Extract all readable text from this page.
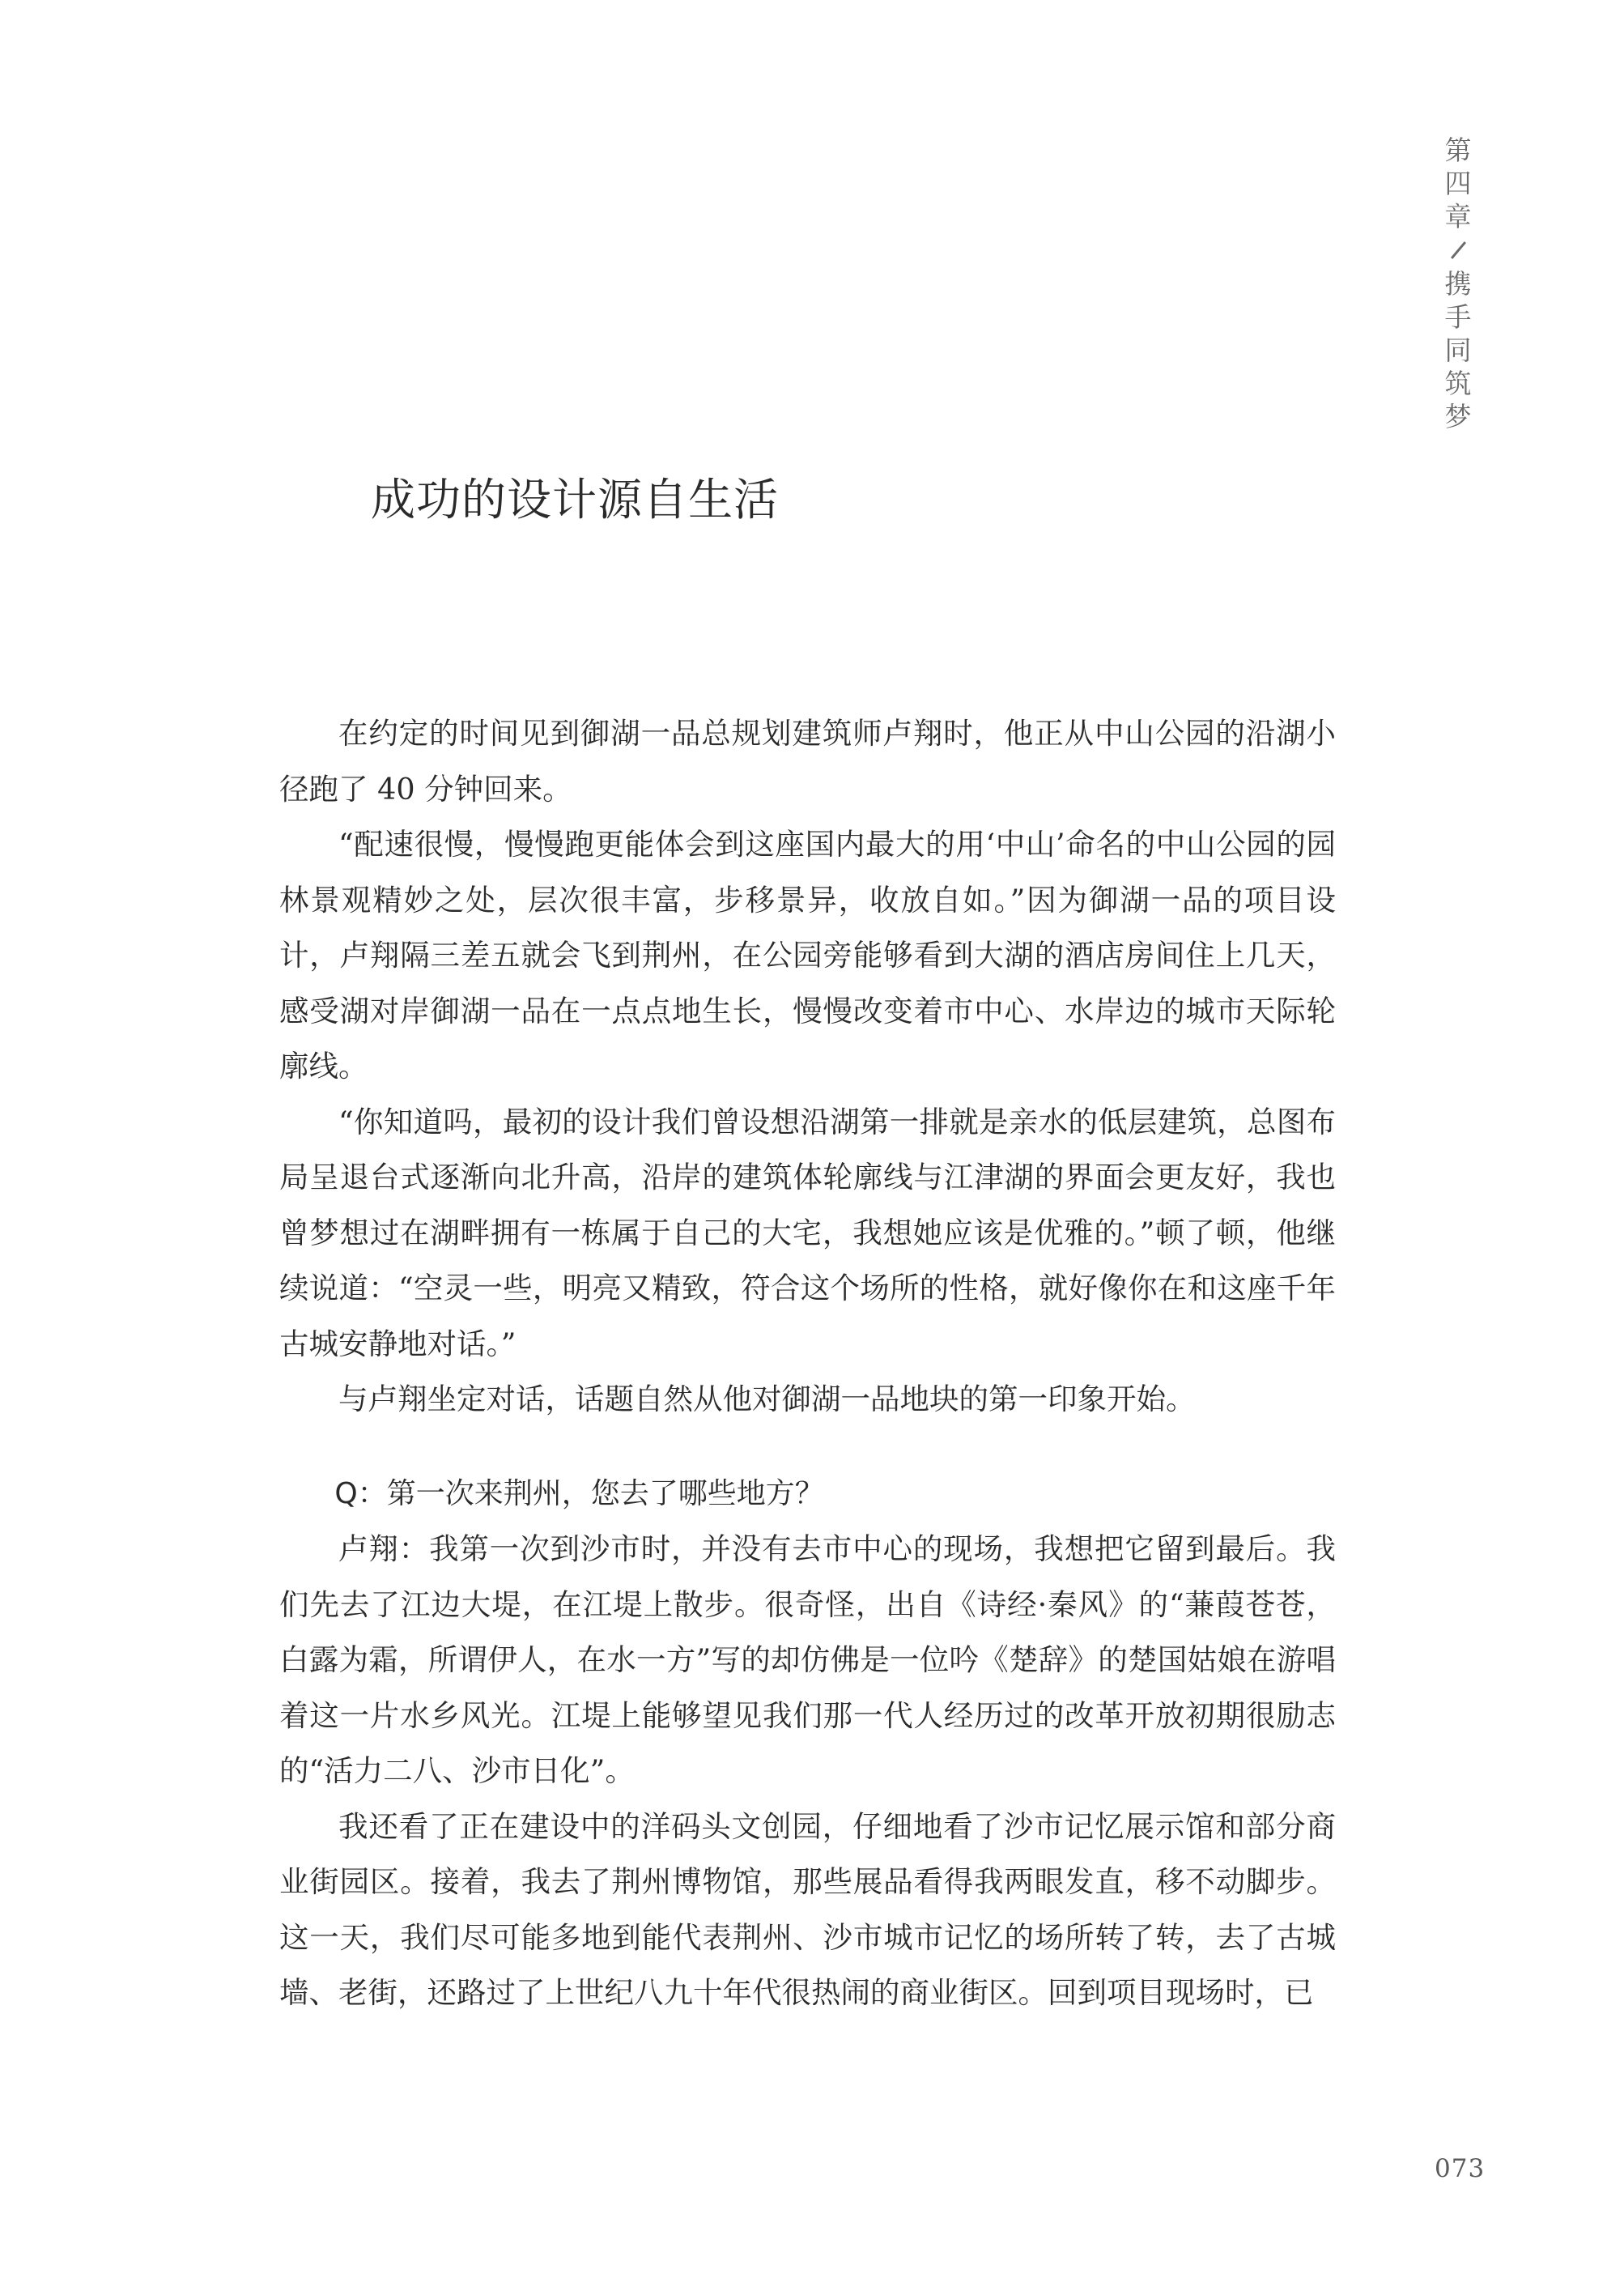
第
四
章
携
手
同
筑
梦
成功的设计源自生活

在约定的时间见到御湖一品总规划建筑师卢翔时，他正从中山公园的沿湖小径跑了 40 分钟回来。

“配速很慢，慢慢跑更能体会到这座国内最大的用‘中山’命名的中山公园的园林景观精妙之处，层次很丰富，步移景异，收放自如。”因为御湖一品的项目设计，卢翔隔三差五就会飞到荆州，在公园旁能够看到大湖的酒店房间住上几天，感受湖对岸御湖一品在一点点地生长，慢慢改变着市中心、水岸边的城市天际轮廓线。

“你知道吗，最初的设计我们曾设想沿湖第一排就是亲水的低层建筑，总图布局呈退台式逐渐向北升高，沿岸的建筑体轮廓线与江津湖的界面会更友好，我也曾梦想过在湖畔拥有一栋属于自己的大宅，我想她应该是优雅的。”顿了顿，他继续说道：“空灵一些，明亮又精致，符合这个场所的性格，就好像你在和这座千年古城安静地对话。”

与卢翔坐定对话，话题自然从他对御湖一品地块的第一印象开始。

Q：第一次来荆州，您去了哪些地方？

卢翔：我第一次到沙市时，并没有去市中心的现场，我想把它留到最后。我们先去了江边大堤，在江堤上散步。很奇怪，出自《诗经·秦风》的“蒹葭苍苍，白露为霜，所谓伊人，在水一方”写的却仿佛是一位吟《楚辞》的楚国姑娘在游唱着这一片水乡风光。江堤上能够望见我们那一代人经历过的改革开放初期很励志的“活力二八、沙市日化”。

我还看了正在建设中的洋码头文创园，仔细地看了沙市记忆展示馆和部分商业街园区。接着，我去了荆州博物馆，那些展品看得我两眼发直，移不动脚步。这一天，我们尽可能多地到能代表荆州、沙市城市记忆的场所转了转，去了古城墙、老街，还路过了上世纪八九十年代很热闹的商业街区。回到项目现场时，已

073
